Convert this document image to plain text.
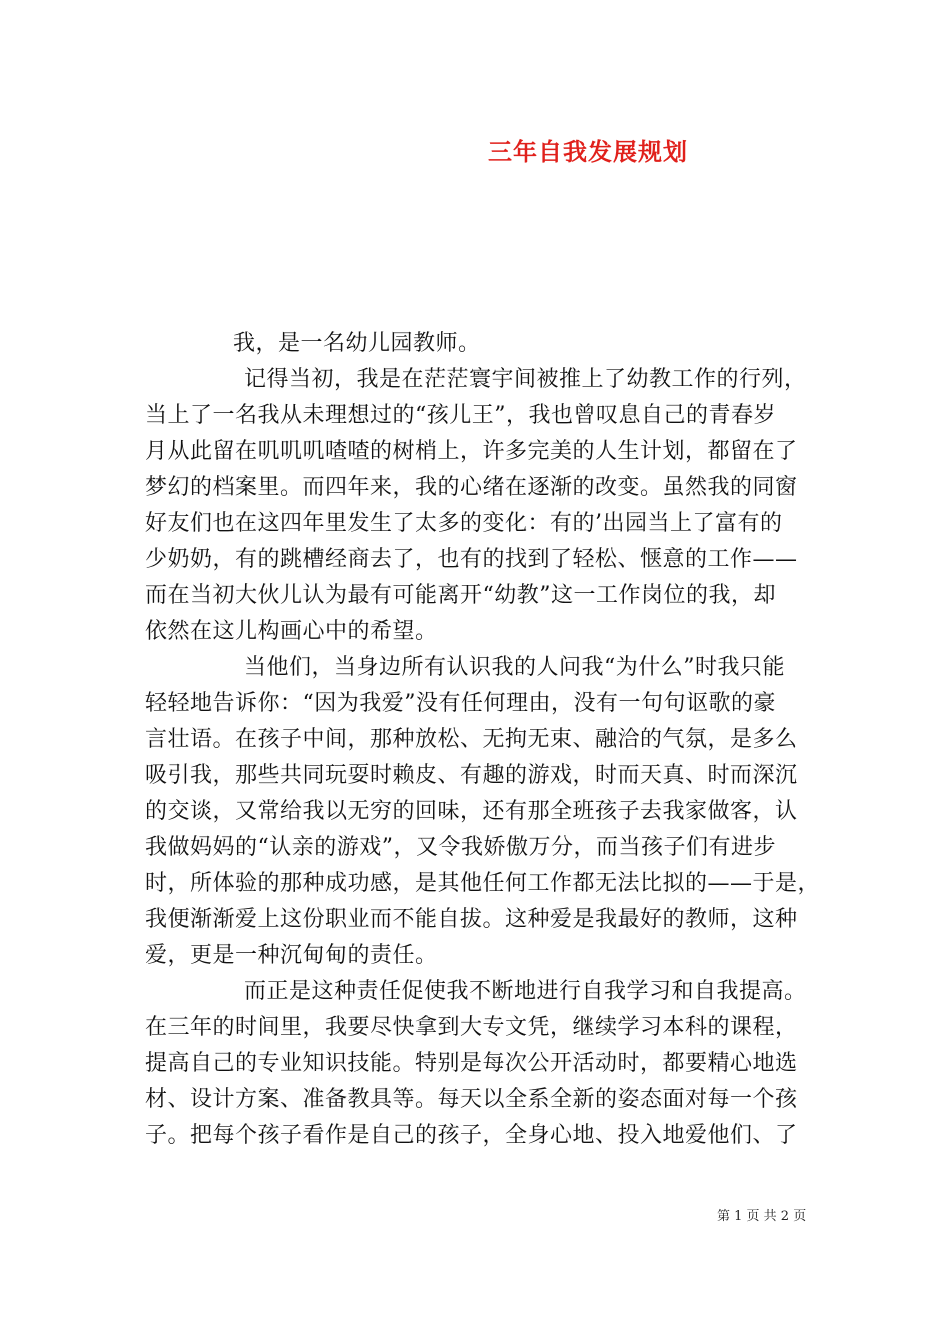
三年自我发展规划
我，是一名幼儿园教师。
记得当初，我是在茫茫寰宇间被推上了幼教工作的行列，
当上了一名我从未理想过的“孩儿王”，我也曾叹息自己的青春岁
月从此留在叽叽叽喳喳的树梢上，许多完美的人生计划，都留在了
梦幻的档案里。而四年来，我的心绪在逐渐的改变。虽然我的同窗
好友们也在这四年里发生了太多的变化：有的’出园当上了富有的
少奶奶，有的跳槽经商去了，也有的找到了轻松、惬意的工作——
而在当初大伙儿认为最有可能离开“幼教”这一工作岗位的我，却
依然在这儿构画心中的希望。
当他们，当身边所有认识我的人问我“为什么”时我只能
轻轻地告诉你：“因为我爱”没有任何理由，没有一句句讴歌的豪
言壮语。在孩子中间，那种放松、无拘无束、融洽的气氛，是多么
吸引我，那些共同玩耍时赖皮、有趣的游戏，时而天真、时而深沉
的交谈，又常给我以无穷的回味，还有那全班孩子去我家做客，认
我做妈妈的“认亲的游戏”，又令我娇傲万分，而当孩子们有进步
时，所体验的那种成功感，是其他任何工作都无法比拟的——于是，
我便渐渐爱上这份职业而不能自拔。这种爱是我最好的教师，这种
爱，更是一种沉甸甸的责任。
而正是这种责任促使我不断地进行自我学习和自我提高。
在三年的时间里，我要尽快拿到大专文凭，继续学习本科的课程，
提高自己的专业知识技能。特别是每次公开活动时，都要精心地选
材、设计方案、准备教具等。每天以全系全新的姿态面对每一个孩
子。把每个孩子看作是自己的孩子，全身心地、投入地爱他们、了
第 1 页 共 2 页
